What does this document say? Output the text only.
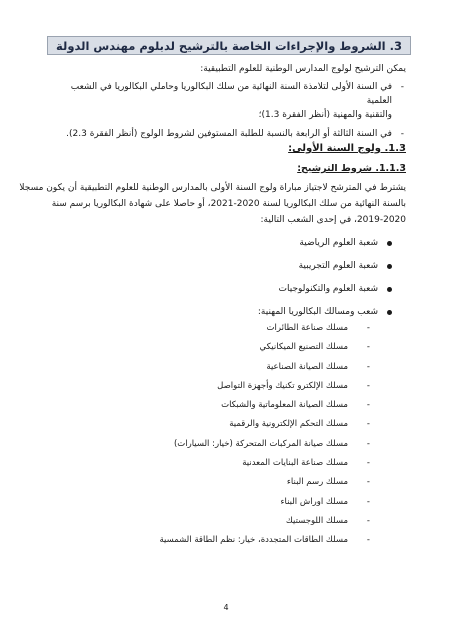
3. الشروط والإجراءات الخاصة بالترشيح لدبلوم مهندس الدولة
يمكن الترشيح لولوج المدارس الوطنية للعلوم التطبيقية:
-
في السنة الأولى لتلامذة السنة النهائية من سلك البكالوريا وحاملي البكالوريا في الشعب العلمية
والتقنية والمهنية (أنظر الفقرة 1.3)؛
-
في السنة الثالثة أو الرابعة بالنسبة للطلبة المستوفين لشروط الولوج (أنظر الفقرة 2.3).
1.3. ولوج السنة الأولى:
1.1.3. شروط الترشيح:
يشترط في المترشح لاجتياز مباراة ولوج السنة الأولى بالمدارس الوطنية للعلوم التطبيقية أن يكون مسجلا
بالسنة النهائية من سلك البكالوريا لسنة 2020-2021، أو حاصلا على شهادة البكالوريا برسم سنة
2019-2020، في إحدى الشعب التالية:
شعبة العلوم الرياضية
شعبة العلوم التجريبية
شعبة العلوم والتكنولوجيات
شعب ومسالك البكالوريا المهنية:
-
مسلك صناعة الطائرات
-
مسلك التصنيع الميكانيكي
-
مسلك الصيانة الصناعية
-
مسلك الإلكترو تكنيك وأجهزة التواصل
-
مسلك الصيانة المعلوماتية والشبكات
-
مسلك التحكم الإلكترونية والرقمية
-
مسلك صيانة المركبات المتحركة (خيار: السيارات)
-
مسلك صناعة البنايات المعدنية
-
مسلك رسم البناء
-
مسلك اوراش البناء
-
مسلك اللوجستيك
-
مسلك الطاقات المتجددة، خيار: نظم الطاقة الشمسية
4
